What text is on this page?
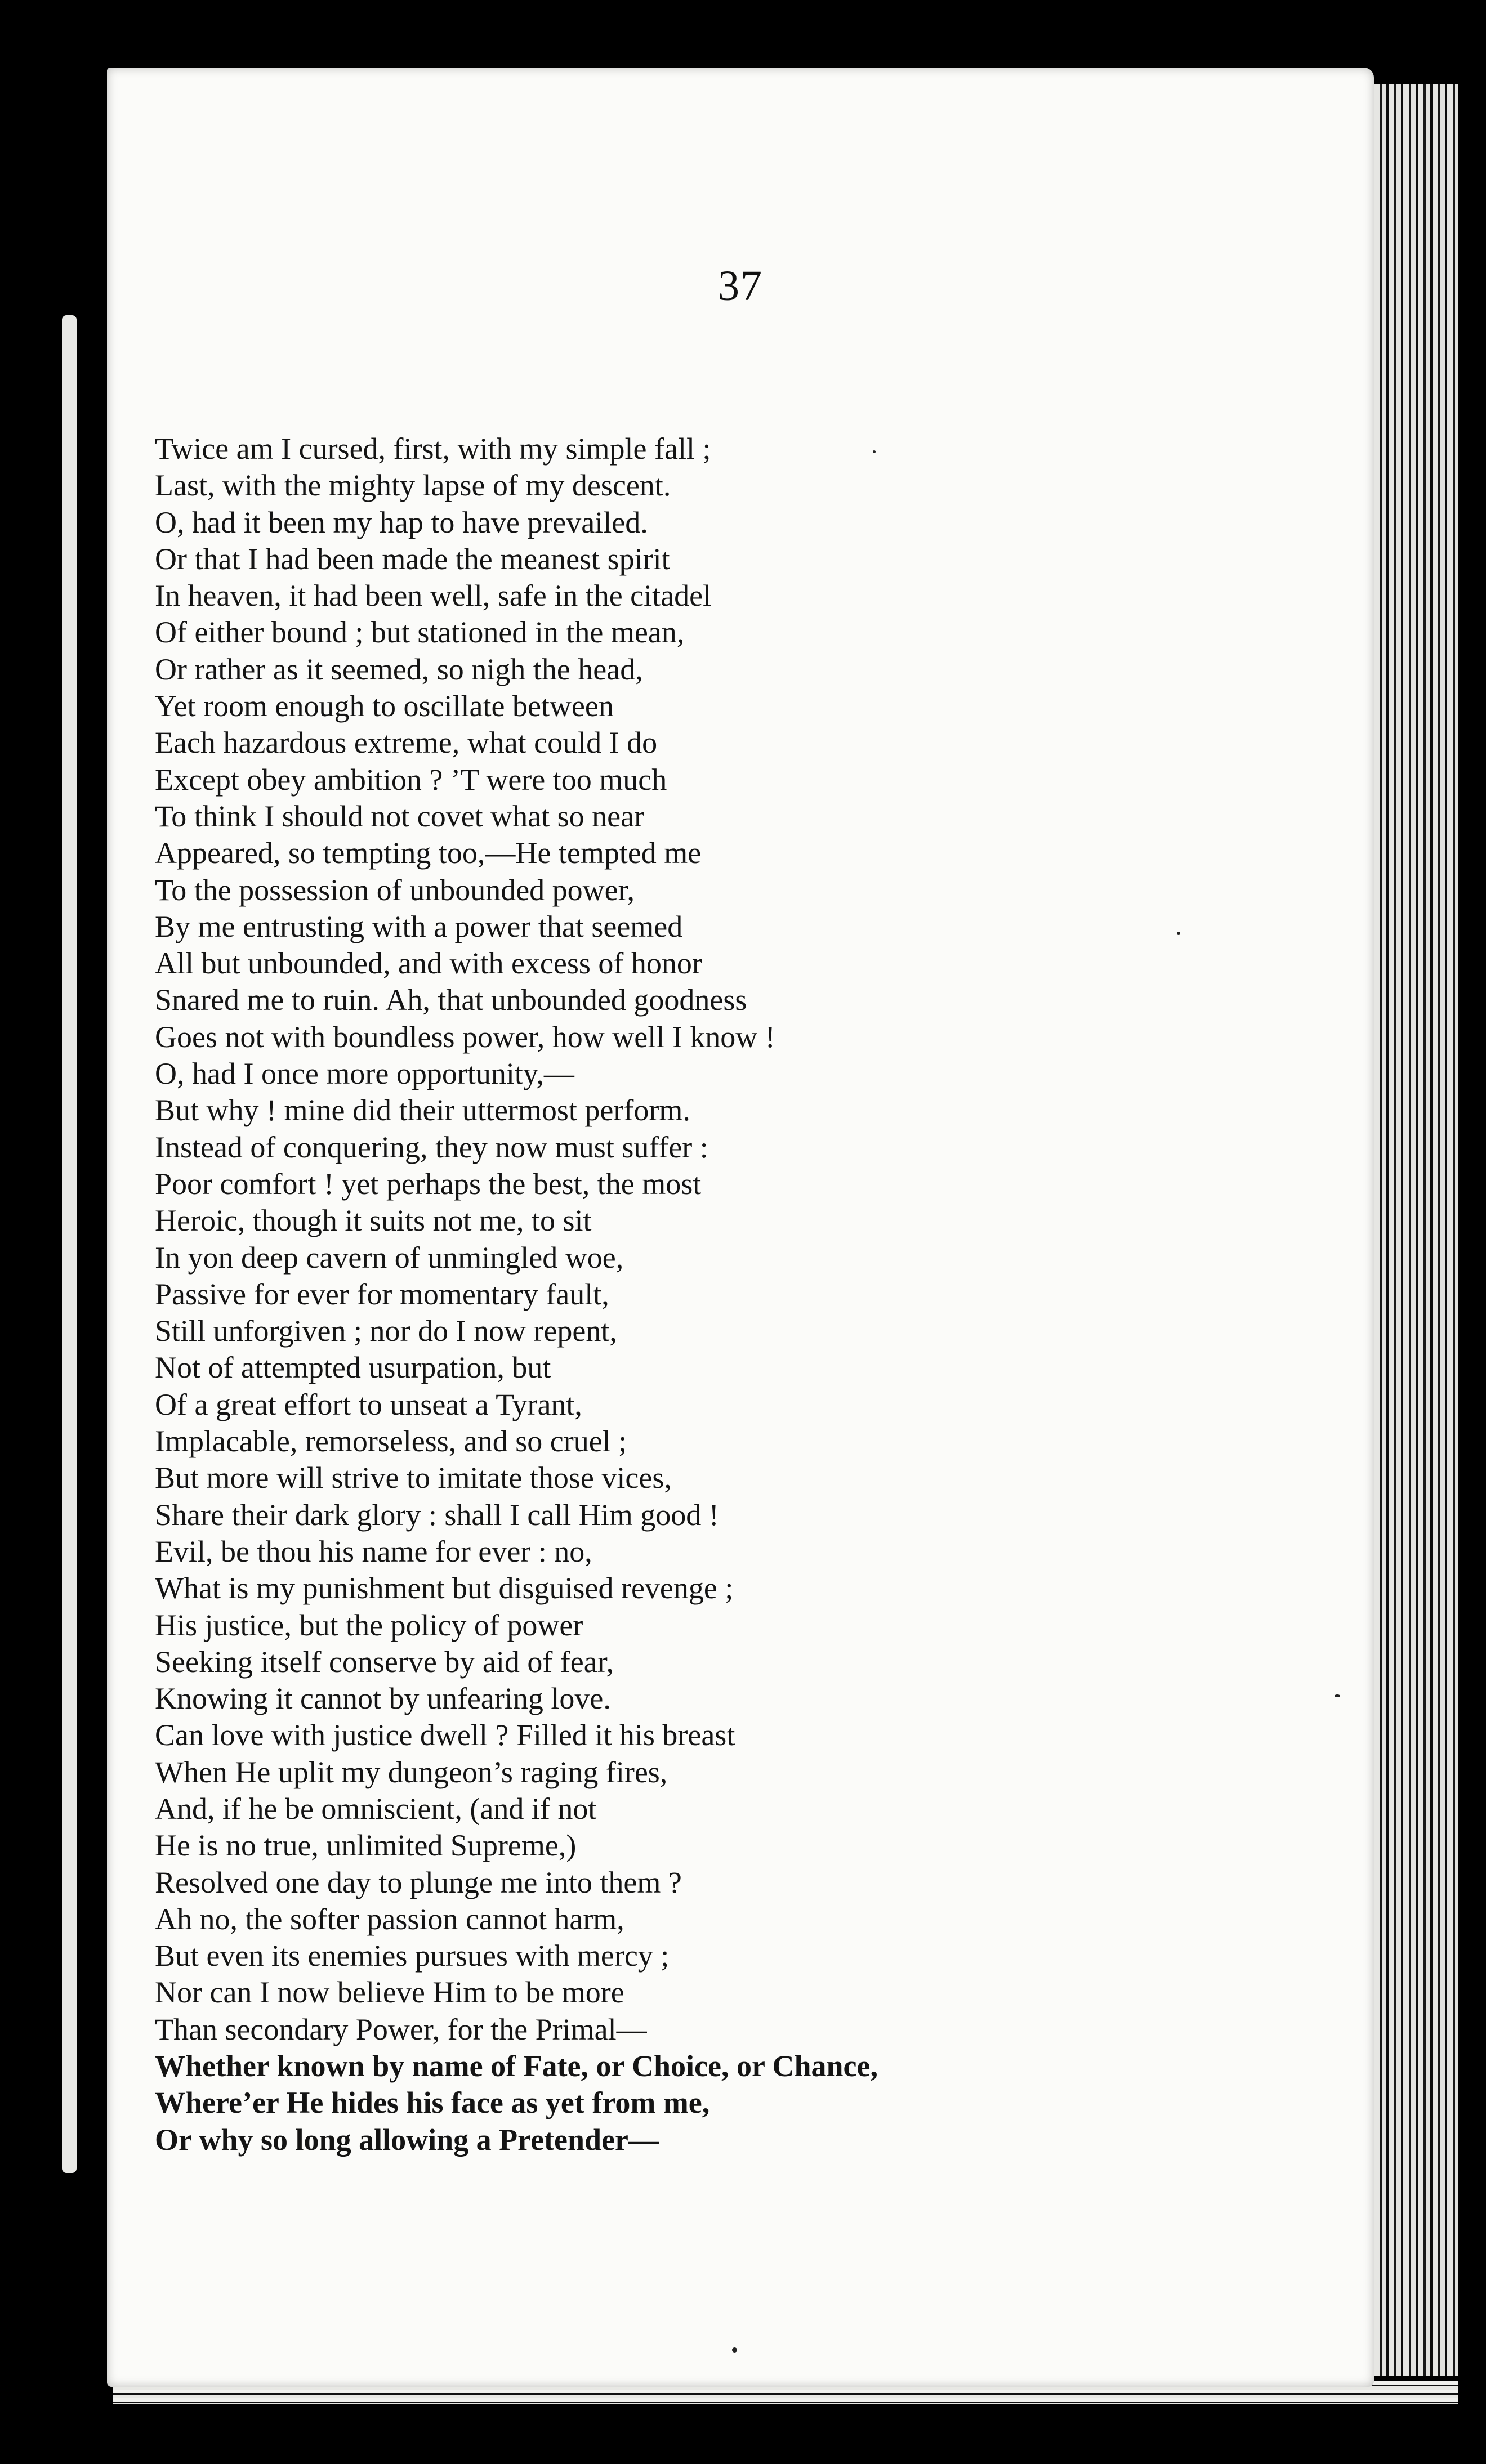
37

Twice am I cursed, first, with my simple fall ;
Last, with the mighty lapse of my descent.
O, had it been my hap to have prevailed.
Or that I had been made the meanest spirit
In heaven, it had been well, safe in the citadel
Of either bound ; but stationed in the mean,
Or rather as it seemed, so nigh the head,
Yet room enough to oscillate between
Each hazardous extreme, what could I do
Except obey ambition ? ’T were too much
To think I should not covet what so near
Appeared, so tempting too,—He tempted me
To the possession of unbounded power,
By me entrusting with a power that seemed
All but unbounded, and with excess of honor
Snared me to ruin. Ah, that unbounded goodness
Goes not with boundless power, how well I know !
O, had I once more opportunity,—
But why ! mine did their uttermost perform.
Instead of conquering, they now must suffer :
Poor comfort ! yet perhaps the best, the most
Heroic, though it suits not me, to sit
In yon deep cavern of unmingled woe,
Passive for ever for momentary fault,
Still unforgiven ; nor do I now repent,
Not of attempted usurpation, but
Of a great effort to unseat a Tyrant,
Implacable, remorseless, and so cruel ;
But more will strive to imitate those vices,
Share their dark glory : shall I call Him good !
Evil, be thou his name for ever : no,
What is my punishment but disguised revenge ;
His justice, but the policy of power
Seeking itself conserve by aid of fear,
Knowing it cannot by unfearing love.
Can love with justice dwell ? Filled it his breast
When He uplit my dungeon’s raging fires,
And, if he be omniscient, (and if not
He is no true, unlimited Supreme,)
Resolved one day to plunge me into them ?
Ah no, the softer passion cannot harm,
But even its enemies pursues with mercy ;
Nor can I now believe Him to be more
Than secondary Power, for the Primal—
Whether known by name of Fate, or Choice, or Chance,
Where’er He hides his face as yet from me,
Or why so long allowing a Pretender—
